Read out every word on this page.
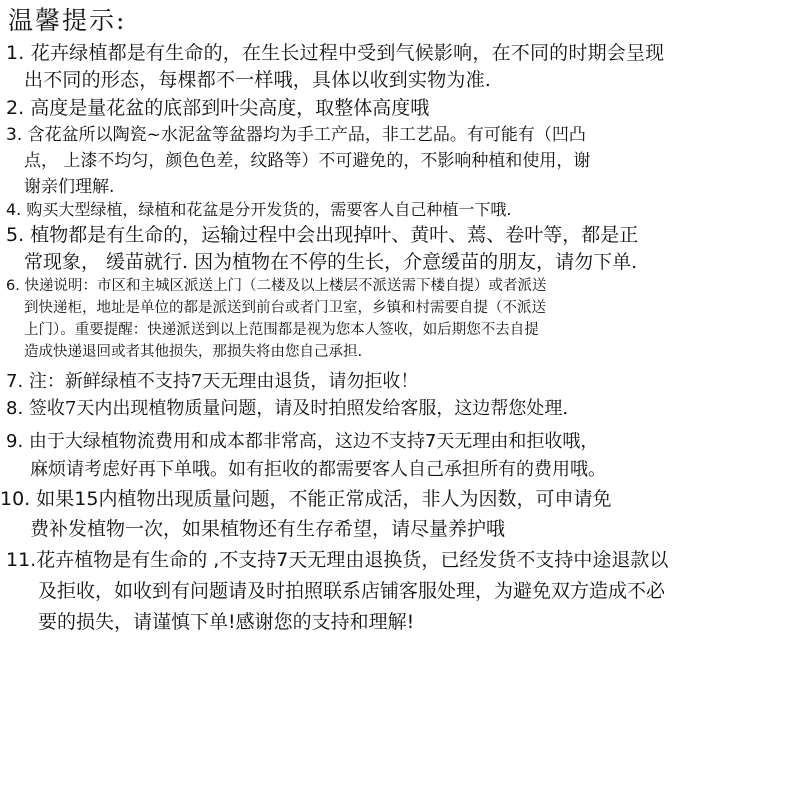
温馨提示:
1. 花卉绿植都是有生命的，在生长过程中受到气候影响，在不同的时期会呈现
出不同的形态，每棵都不一样哦，具体以收到实物为准.
2. 高度是量花盆的底部到叶尖高度，取整体高度哦
3. 含花盆所以陶瓷~水泥盆等盆器均为手工产品，非工艺品。有可能有（凹凸
点， 上漆不均匀，颜色色差，纹路等）不可避免的，不影响种植和使用，谢
谢亲们理解.
4. 购买大型绿植，绿植和花盆是分开发货的，需要客人自己种植一下哦.
5. 植物都是有生命的，运输过程中会出现掉叶、黄叶、蔫、卷叶等，都是正
常现象， 缓苗就行. 因为植物在不停的生长，介意缓苗的朋友，请勿下单.
6. 快递说明：市区和主城区派送上门（二楼及以上楼层不派送需下楼自提）或者派送
到快递柜，地址是单位的都是派送到前台或者门卫室，乡镇和村需要自提（不派送
上门）。重要提醒：快递派送到以上范围都是视为您本人签收，如后期您不去自提
造成快递退回或者其他损失，那损失将由您自己承担.
7. 注：新鲜绿植不支持7天无理由退货，请勿拒收！
8. 签收7天内出现植物质量问题，请及时拍照发给客服，这边帮您处理.
9. 由于大绿植物流费用和成本都非常高，这边不支持7天无理由和拒收哦，
麻烦请考虑好再下单哦。如有拒收的都需要客人自己承担所有的费用哦。
10. 如果15内植物出现质量问题，不能正常成活，非人为因数，可申请免
费补发植物一次，如果植物还有生存希望，请尽量养护哦
11.花卉植物是有生命的 ,不支持7天无理由退换货，已经发货不支持中途退款以
及拒收，如收到有问题请及时拍照联系店铺客服处理，为避免双方造成不必
要的损失，请谨慎下单!感谢您的支持和理解!
